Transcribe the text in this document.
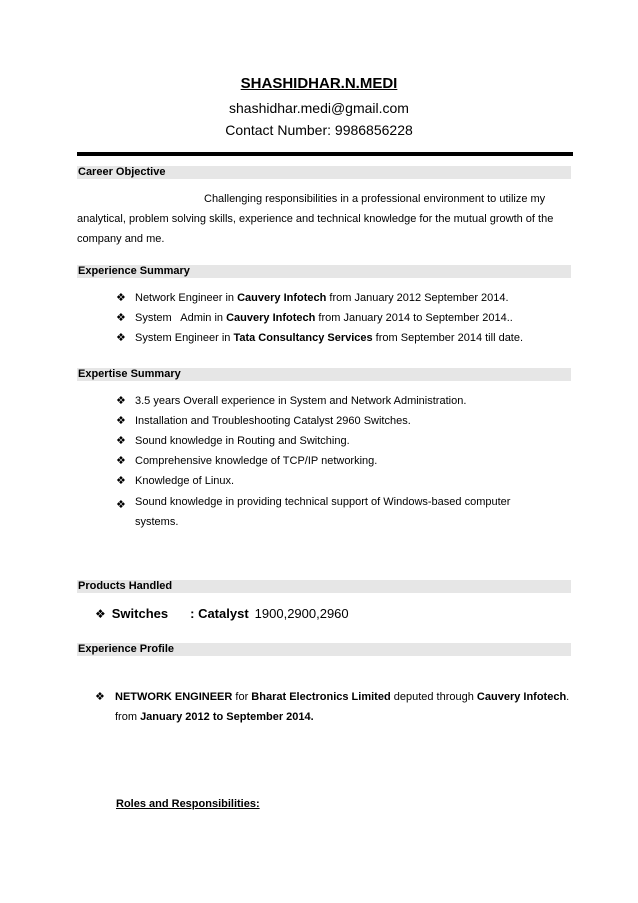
SHASHIDHAR.N.MEDI
shashidhar.medi@gmail.com
Contact Number: 9986856228
Career Objective
Challenging responsibilities in a professional environment to utilize my analytical, problem solving skills, experience and technical knowledge for the mutual growth of the company and me.
Experience Summary
❖ Network Engineer in Cauvery Infotech from January 2012 September 2014.
❖ System   Admin in Cauvery Infotech from January 2014 to September 2014..
❖ System Engineer in Tata Consultancy Services from September 2014 till date.
Expertise Summary
❖ 3.5 years Overall experience in System and Network Administration.
❖ Installation and Troubleshooting Catalyst 2960 Switches.
❖ Sound knowledge in Routing and Switching.
❖ Comprehensive knowledge of TCP/IP networking.
❖ Knowledge of Linux.
❖ Sound knowledge in providing technical support of Windows-based computer systems.
Products Handled
❖ Switches : Catalyst 1900,2900,2960
Experience Profile
❖ NETWORK ENGINEER for Bharat Electronics Limited deputed through Cauvery Infotech.
from January 2012 to September 2014.
Roles and Responsibilities:
